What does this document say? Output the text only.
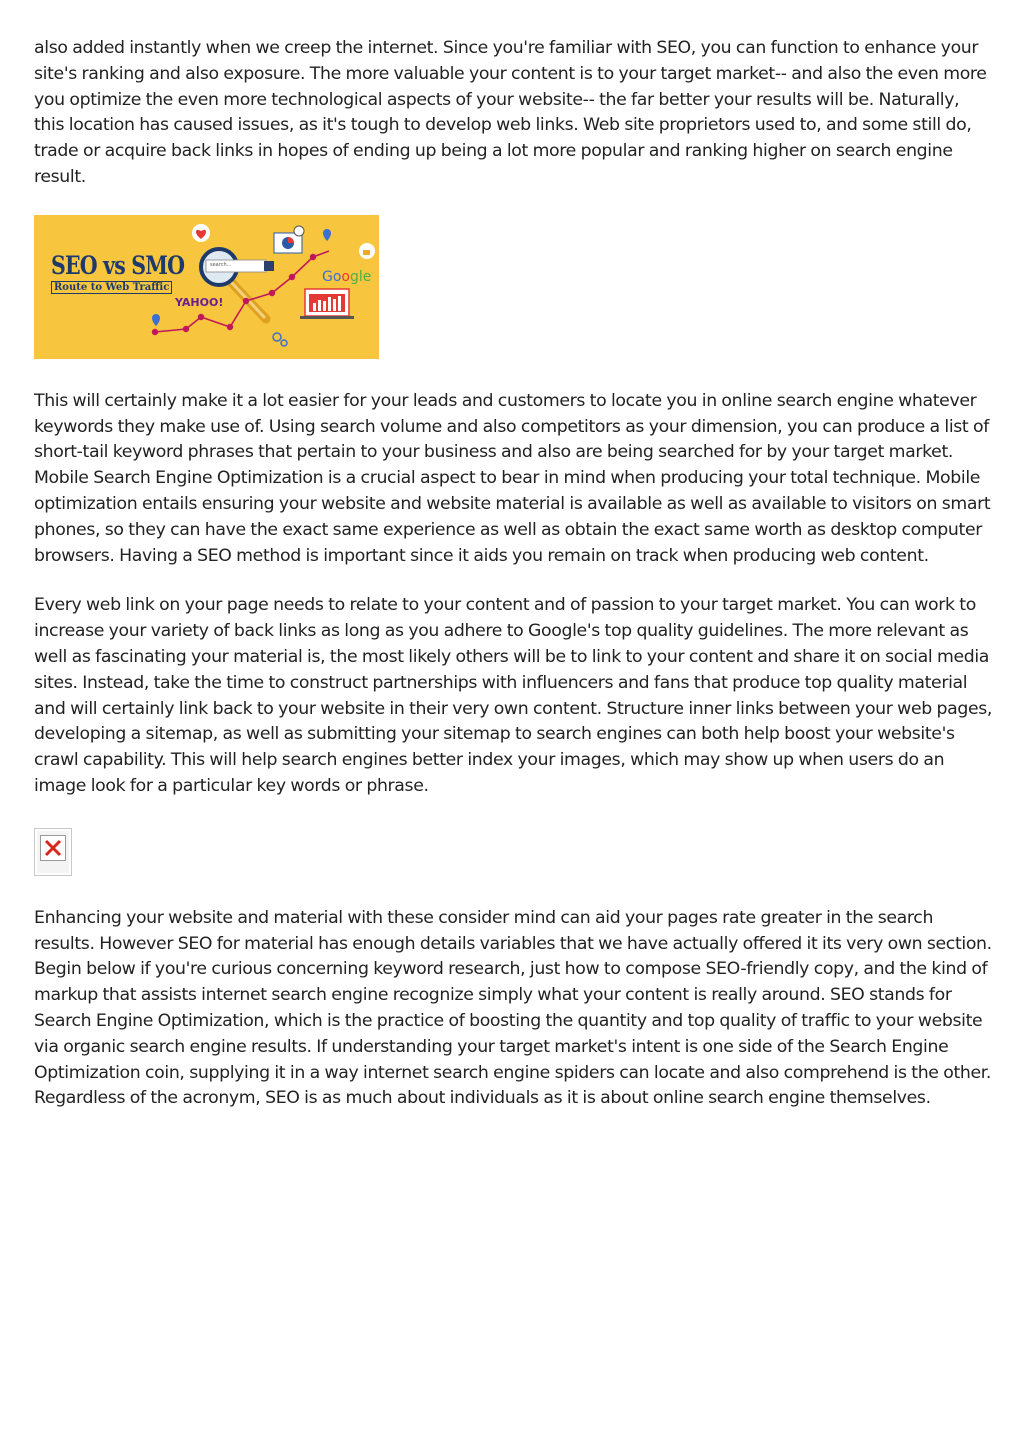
also added instantly when we creep the internet. Since you're familiar with SEO, you can function to enhance your site's ranking and also exposure. The more valuable your content is to your target market-- and also the even more you optimize the even more technological aspects of your website-- the far better your results will be. Naturally, this location has caused issues, as it's tough to develop web links. Web site proprietors used to, and some still do, trade or acquire back links in hopes of ending up being a lot more popular and ranking higher on search engine result.

SEO vs SMO
Route to Web Traffic
search...
YAHOO!
Google

This will certainly make it a lot easier for your leads and customers to locate you in online search engine whatever keywords they make use of. Using search volume and also competitors as your dimension, you can produce a list of short-tail keyword phrases that pertain to your business and also are being searched for by your target market. Mobile Search Engine Optimization is a crucial aspect to bear in mind when producing your total technique. Mobile optimization entails ensuring your website and website material is available as well as available to visitors on smart phones, so they can have the exact same experience as well as obtain the exact same worth as desktop computer browsers. Having a SEO method is important since it aids you remain on track when producing web content.

Every web link on your page needs to relate to your content and of passion to your target market. You can work to increase your variety of back links as long as you adhere to Google's top quality guidelines. The more relevant as well as fascinating your material is, the most likely others will be to link to your content and share it on social media sites. Instead, take the time to construct partnerships with influencers and fans that produce top quality material and will certainly link back to your website in their very own content. Structure inner links between your web pages, developing a sitemap, as well as submitting your sitemap to search engines can both help boost your website's crawl capability. This will help search engines better index your images, which may show up when users do an image look for a particular key words or phrase.

Enhancing your website and material with these consider mind can aid your pages rate greater in the search results. However SEO for material has enough details variables that we have actually offered it its very own section. Begin below if you're curious concerning keyword research, just how to compose SEO-friendly copy, and the kind of markup that assists internet search engine recognize simply what your content is really around. SEO stands for Search Engine Optimization, which is the practice of boosting the quantity and top quality of traffic to your website via organic search engine results. If understanding your target market's intent is one side of the Search Engine Optimization coin, supplying it in a way internet search engine spiders can locate and also comprehend is the other. Regardless of the acronym, SEO is as much about individuals as it is about online search engine themselves.
